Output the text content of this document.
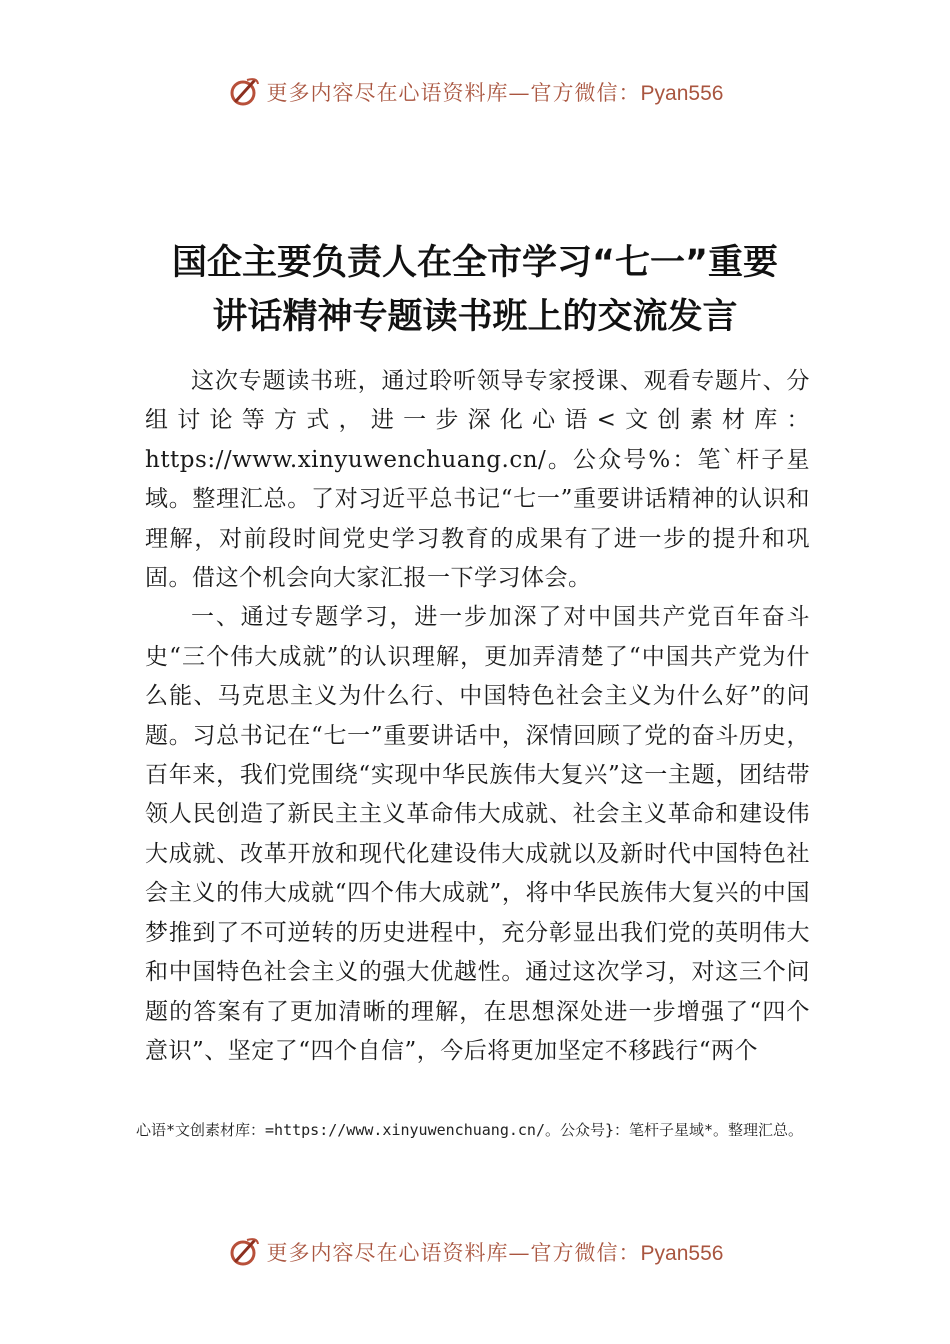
更多内容尽在心语资料库—官方微信：Pyan556
国企主要负责人在全市学习“七一”重要
讲话精神专题读书班上的交流发言

这次专题读书班，通过聆听领导专家授课、观看专题片、分组讨论等方式，进一步深化心语<文创素材库：https://www.xinyuwenchuang.cn/。公众号%：笔`杆子星域。整理汇总。了对习近平总书记“七一”重要讲话精神的认识和理解，对前段时间党史学习教育的成果有了进一步的提升和巩固。借这个机会向大家汇报一下学习体会。

一、通过专题学习，进一步加深了对中国共产党百年奋斗史“三个伟大成就”的认识理解，更加弄清楚了“中国共产党为什么能、马克思主义为什么行、中国特色社会主义为什么好”的问题。习总书记在“七一”重要讲话中，深情回顾了党的奋斗历史，百年来，我们党围绕“实现中华民族伟大复兴”这一主题，团结带领人民创造了新民主主义革命伟大成就、社会主义革命和建设伟大成就、改革开放和现代化建设伟大成就以及新时代中国特色社会主义的伟大成就“四个伟大成就”，将中华民族伟大复兴的中国梦推到了不可逆转的历史进程中，充分彰显出我们党的英明伟大和中国特色社会主义的强大优越性。通过这次学习，对这三个问题的答案有了更加清晰的理解，在思想深处进一步增强了“四个意识”、坚定了“四个自信”，今后将更加坚定不移践行“两个

心语*文创素材库：=https://www.xinyuwenchuang.cn/。公众号}：笔杆子星域*。整理汇总。
更多内容尽在心语资料库—官方微信：Pyan556
